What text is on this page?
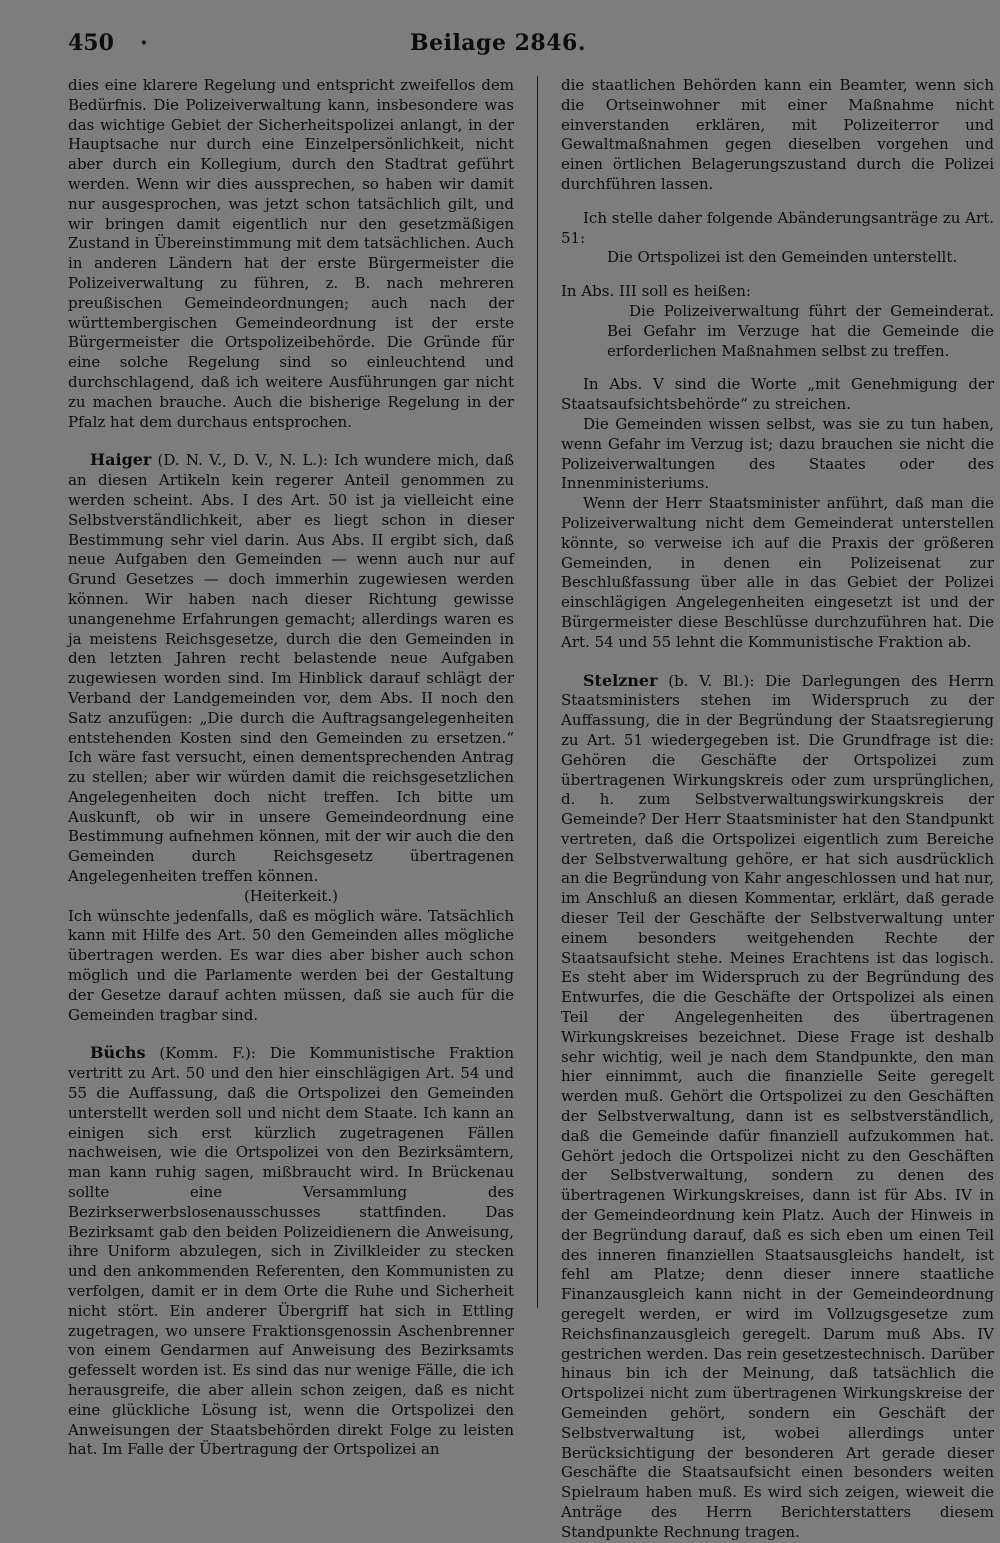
450 ·	Beilage 2846.

dies eine klarere Regelung und entspricht zweifellos dem Bedürfnis. Die Polizeiverwaltung kann, insbesondere was das wichtige Gebiet der Sicherheitspolizei anlangt, in der Hauptsache nur durch eine Einzelpersönlichkeit, nicht aber durch ein Kollegium, durch den Stadtrat geführt werden. Wenn wir dies aussprechen, so haben wir damit nur ausgesprochen, was jetzt schon tatsächlich gilt, und wir bringen damit eigentlich nur den gesetzmäßigen Zustand in Übereinstimmung mit dem tatsächlichen. Auch in anderen Ländern hat der erste Bürgermeister die Polizeiverwaltung zu führen, z. B. nach mehreren preußischen Gemeindeordnungen; auch nach der württembergischen Gemeindeordnung ist der erste Bürgermeister die Ortspolizeibehörde. Die Gründe für eine solche Regelung sind so einleuchtend und durchschlagend, daß ich weitere Ausführungen gar nicht zu machen brauche. Auch die bisherige Regelung in der Pfalz hat dem durchaus entsprochen.

Haiger (D. N. V., D. V., N. L.): Ich wundere mich, daß an diesen Artikeln kein regerer Anteil genommen zu werden scheint. Abs. I des Art. 50 ist ja vielleicht eine Selbstverständlichkeit, aber es liegt schon in dieser Bestimmung sehr viel darin. Aus Abs. II ergibt sich, daß neue Aufgaben den Gemeinden — wenn auch nur auf Grund Gesetzes — doch immerhin zugewiesen werden können. Wir haben nach dieser Richtung gewisse unangenehme Erfahrungen gemacht; allerdings waren es ja meistens Reichsgesetze, durch die den Gemeinden in den letzten Jahren recht belastende neue Aufgaben zugewiesen worden sind. Im Hinblick darauf schlägt der Verband der Landgemeinden vor, dem Abs. II noch den Satz anzufügen: „Die durch die Auftragsangelegenheiten entstehenden Kosten sind den Gemeinden zu ersetzen.“ Ich wäre fast versucht, einen dementsprechenden Antrag zu stellen; aber wir würden damit die reichsgesetzlichen Angelegenheiten doch nicht treffen. Ich bitte um Auskunft, ob wir in unsere Gemeindeordnung eine Bestimmung aufnehmen können, mit der wir auch die den Gemeinden durch Reichsgesetz übertragenen Angelegenheiten treffen können.

(Heiterkeit.)

Ich wünschte jedenfalls, daß es möglich wäre. Tatsächlich kann mit Hilfe des Art. 50 den Gemeinden alles mögliche übertragen werden. Es war dies aber bisher auch schon möglich und die Parlamente werden bei der Gestaltung der Gesetze darauf achten müssen, daß sie auch für die Gemeinden tragbar sind.

Büchs (Komm. F.): Die Kommunistische Fraktion vertritt zu Art. 50 und den hier einschlägigen Art. 54 und 55 die Auffassung, daß die Ortspolizei den Gemeinden unterstellt werden soll und nicht dem Staate. Ich kann an einigen sich erst kürzlich zugetragenen Fällen nachweisen, wie die Ortspolizei von den Bezirksämtern, man kann ruhig sagen, mißbraucht wird. In Brückenau sollte eine Versammlung des Bezirkserwerbslosenausschusses stattfinden. Das Bezirksamt gab den beiden Polizeidienern die Anweisung, ihre Uniform abzulegen, sich in Zivilkleider zu stecken und den ankommenden Referenten, den Kommunisten zu verfolgen, damit er in dem Orte die Ruhe und Sicherheit nicht stört. Ein anderer Übergriff hat sich in Ettling zugetragen, wo unsere Fraktionsgenossin Aschenbrenner von einem Gendarmen auf Anweisung des Bezirksamts gefesselt worden ist. Es sind das nur wenige Fälle, die ich herausgreife, die aber allein schon zeigen, daß es nicht eine glückliche Lösung ist, wenn die Ortspolizei den Anweisungen der Staatsbehörden direkt Folge zu leisten hat. Im Falle der Übertragung der Ortspolizei an

die staatlichen Behörden kann ein Beamter, wenn sich die Ortseinwohner mit einer Maßnahme nicht einverstanden erklären, mit Polizeiterror und Gewaltmaßnahmen gegen dieselben vorgehen und einen örtlichen Belagerungszustand durch die Polizei durchführen lassen.

Ich stelle daher folgende Abänderungsanträge zu Art. 51:

Die Ortspolizei ist den Gemeinden unterstellt.

In Abs. III soll es heißen:

Die Polizeiverwaltung führt der Gemeinderat. Bei Gefahr im Verzuge hat die Gemeinde die erforderlichen Maßnahmen selbst zu treffen.

In Abs. V sind die Worte „mit Genehmigung der Staatsaufsichtsbehörde“ zu streichen.

Die Gemeinden wissen selbst, was sie zu tun haben, wenn Gefahr im Verzug ist; dazu brauchen sie nicht die Polizeiverwaltungen des Staates oder des Innenministeriums.

Wenn der Herr Staatsminister anführt, daß man die Polizeiverwaltung nicht dem Gemeinderat unterstellen könnte, so verweise ich auf die Praxis der größeren Gemeinden, in denen ein Polizeisenat zur Beschlußfassung über alle in das Gebiet der Polizei einschlägigen Angelegenheiten eingesetzt ist und der Bürgermeister diese Beschlüsse durchzuführen hat. Die Art. 54 und 55 lehnt die Kommunistische Fraktion ab.

Stelzner (b. V. Bl.): Die Darlegungen des Herrn Staatsministers stehen im Widerspruch zu der Auffassung, die in der Begründung der Staatsregierung zu Art. 51 wiedergegeben ist. Die Grundfrage ist die: Gehören die Geschäfte der Ortspolizei zum übertragenen Wirkungskreis oder zum ursprünglichen, d. h. zum Selbstverwaltungswirkungskreis der Gemeinde? Der Herr Staatsminister hat den Standpunkt vertreten, daß die Ortspolizei eigentlich zum Bereiche der Selbstverwaltung gehöre, er hat sich ausdrücklich an die Begründung von Kahr angeschlossen und hat nur, im Anschluß an diesen Kommentar, erklärt, daß gerade dieser Teil der Geschäfte der Selbstverwaltung unter einem besonders weitgehenden Rechte der Staatsaufsicht stehe. Meines Erachtens ist das logisch. Es steht aber im Widerspruch zu der Begründung des Entwurfes, die die Geschäfte der Ortspolizei als einen Teil der Angelegenheiten des übertragenen Wirkungskreises bezeichnet. Diese Frage ist deshalb sehr wichtig, weil je nach dem Standpunkte, den man hier einnimmt, auch die finanzielle Seite geregelt werden muß. Gehört die Ortspolizei zu den Geschäften der Selbstverwaltung, dann ist es selbstverständlich, daß die Gemeinde dafür finanziell aufzukommen hat. Gehört jedoch die Ortspolizei nicht zu den Geschäften der Selbstverwaltung, sondern zu denen des übertragenen Wirkungskreises, dann ist für Abs. IV in der Gemeindeordnung kein Platz. Auch der Hinweis in der Begründung darauf, daß es sich eben um einen Teil des inneren finanziellen Staatsausgleichs handelt, ist fehl am Platze; denn dieser innere staatliche Finanzausgleich kann nicht in der Gemeindeordnung geregelt werden, er wird im Vollzugsgesetze zum Reichsfinanzausgleich geregelt. Darum muß Abs. IV gestrichen werden. Das rein gesetzestechnisch. Darüber hinaus bin ich der Meinung, daß tatsächlich die Ortspolizei nicht zum übertragenen Wirkungskreise der Gemeinden gehört, sondern ein Geschäft der Selbstverwaltung ist, wobei allerdings unter Berücksichtigung der besonderen Art gerade dieser Geschäfte die Staatsaufsicht einen besonders weiten Spielraum haben muß. Es wird sich zeigen, wieweit die Anträge des Herrn Berichterstatters diesem Standpunkte Rechnung tragen.
